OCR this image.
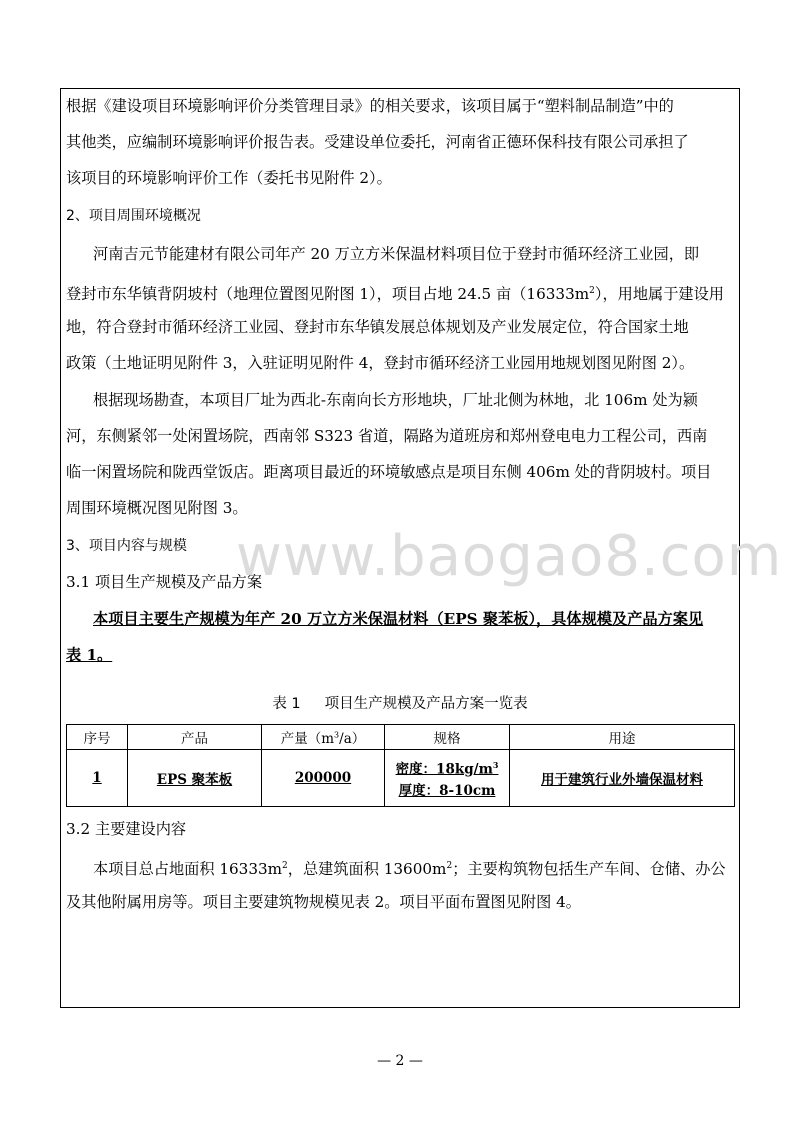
根据《建设项目环境影响评价分类管理目录》的相关要求，该项目属于“塑料制品制造”中的
其他类，应编制环境影响评价报告表。受建设单位委托，河南省正德环保科技有限公司承担了
该项目的环境影响评价工作（委托书见附件 2）。
2、项目周围环境概况
河南吉元节能建材有限公司年产 20 万立方米保温材料项目位于登封市循环经济工业园，即
登封市东华镇背阴坡村（地理位置图见附图 1），项目占地 24.5 亩$(16333m^2)$，用地属于建设用
地，符合登封市循环经济工业园、登封市东华镇发展总体规划及产业发展定位，符合国家土地
政策（土地证明见附件 3，入驻证明见附件 4，登封市循环经济工业园用地规划图见附图 2）。
根据现场勘查，本项目厂址为西北-东南向长方形地块，厂址北侧为林地，北 106m 处为颍
河，东侧紧邻一处闲置场院，西南邻 S323 省道，隔路为道班房和郑州登电电力工程公司，西南
临一闲置场院和陇西堂饭店。距离项目最近的环境敏感点是项目东侧 406m 处的背阴坡村。项目
周围环境概况图见附图 3。
www.baogao8.com
3、项目内容与规模
3.1 项目生产规模及产品方案
本项目主要生产规模为年产 20 万立方米保温材料（EPS 聚苯板），具体规模及产品方案见
表 1。
表 1 项目生产规模及产品方案一览表
序号	产品	产量$(m^3/a)$	规格	用途
1	EPS 聚苯板	200000	密度：$18kg/m^3$
厚度：8-10cm	用于建筑行业外墙保温材料
3.2 主要建设内容
本项目总占地面积 $16333m^2$，总建筑面积 $13600m^2$；主要构筑物包括生产车间、仓储、办公
及其他附属用房等。项目主要建筑物规模见表 2。项目平面布置图见附图 4。
— 2 —
